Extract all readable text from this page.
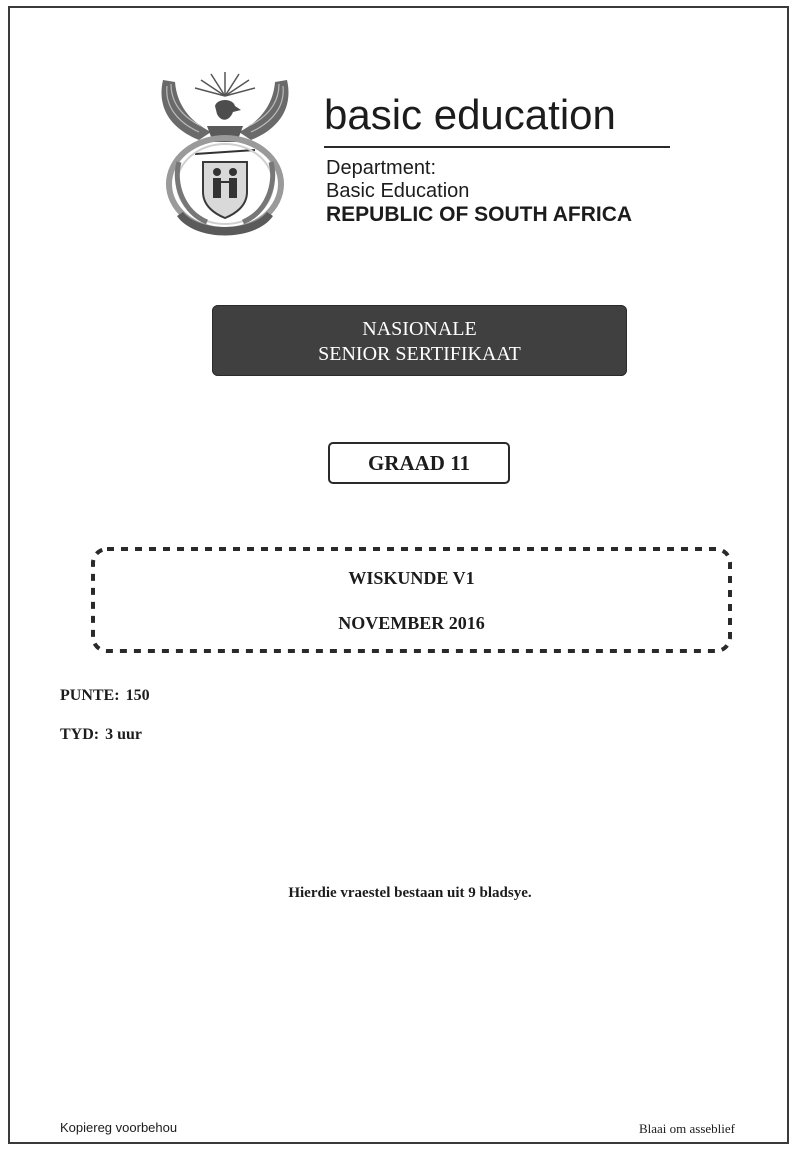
basic education
Department:
Basic Education
REPUBLIC OF SOUTH AFRICA
NASIONALE
SENIOR SERTIFIKAAT
GRAAD 11
WISKUNDE V1
NOVEMBER 2016
PUNTE: 150
TYD: 3 uur
Hierdie vraestel bestaan uit 9 bladsye.
Kopiereg voorbehou	Blaai om asseblief
